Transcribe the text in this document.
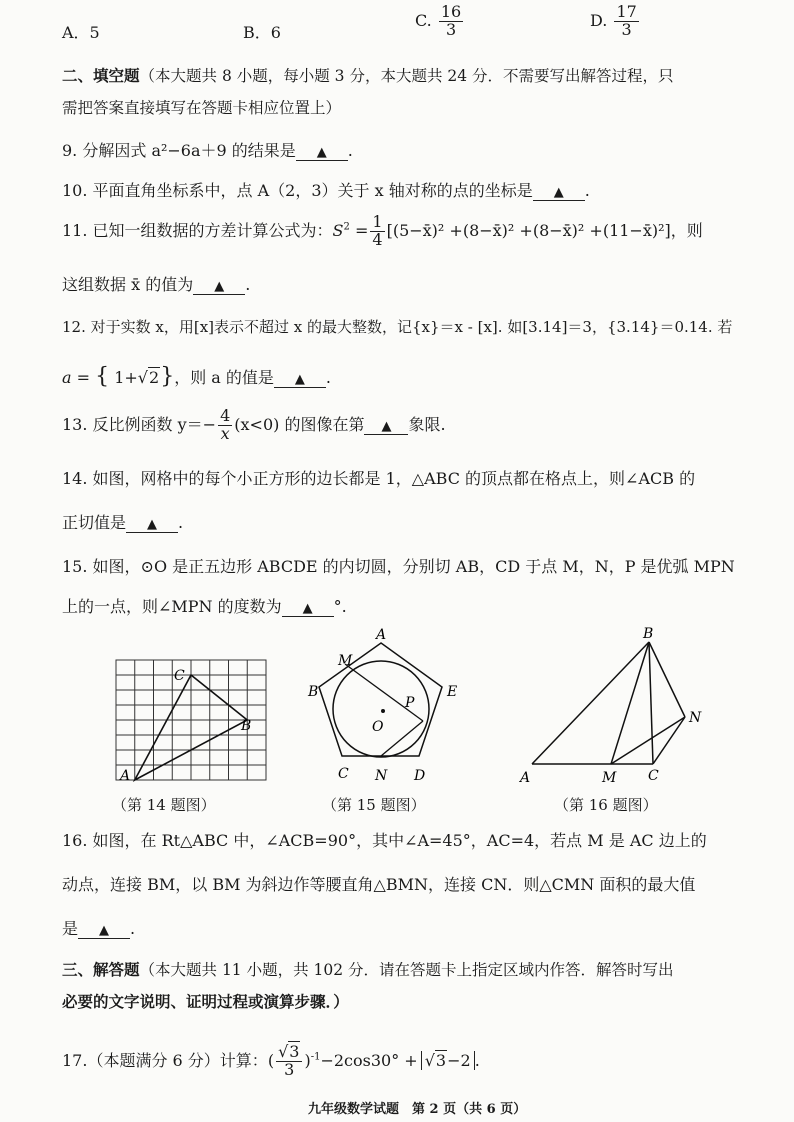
A．5	B．6
C. $\frac{16}{3}$	D. $\frac{17}{3}$
二、填空题（本大题共 8 小题，每小题 3 分，本大题共 24 分．不需要写出解答过程，只
需把答案直接填写在答题卡相应位置上）
9. 分解因式 a²−6a＋9 的结果是 ▲ .
10. 平面直角坐标系中，点 A（2，3）关于 x 轴对称的点的坐标是 ▲ .
11. 已知一组数据的方差计算公式为：$S^2 = \frac{1}{4}$ [(5−x̄)² +(8−x̄)² +(8−x̄)² +(11−x̄)²]，则
这组数据 x̄ 的值为 ▲ .
12. 对于实数 x，用[x]表示不超过 x 的最大整数，记{x}＝x - [x]. 如[3.14]＝3，{3.14}＝0.14. 若
a = { 1+√2}，则 a 的值是 ▲ .
13. 反比例函数 $y=- \frac{4}{x} (x<0)$ 的图像在第 ▲ 象限.
14. 如图，网格中的每个小正方形的边长都是 1，△ABC 的顶点都在格点上，则∠ACB 的
正切值是 ▲ .
15. 如图，⊙O 是正五边形 ABCDE 的内切圆，分别切 AB，CD 于点 M，N，P 是优弧 MPN
上的一点，则∠MPN 的度数为 ▲ °.
A
C
B
（第 14 题图）
A
M
B	E
P
O
C N D
（第 15 题图）
B
N
A	M C
（第 16 题图）
16. 如图，在 Rt△ABC 中，∠ACB=90°，其中∠A=45°，AC=4，若点 M 是 AC 边上的
动点，连接 BM，以 BM 为斜边作等腰直角△BMN，连接 CN．则△CMN 面积的最大值
是 ▲ .
三、解答题（本大题共 11 小题，共 102 分．请在答题卡上指定区域内作答．解答时写出
必要的文字说明、证明过程或演算步骤．）
17.（本题满分 6 分）计算：( $\frac{√3}{3} )^{-1}-2\cos 30^\circ + √3-2$ .
九年级数学试题　第 2 页（共 6 页）
